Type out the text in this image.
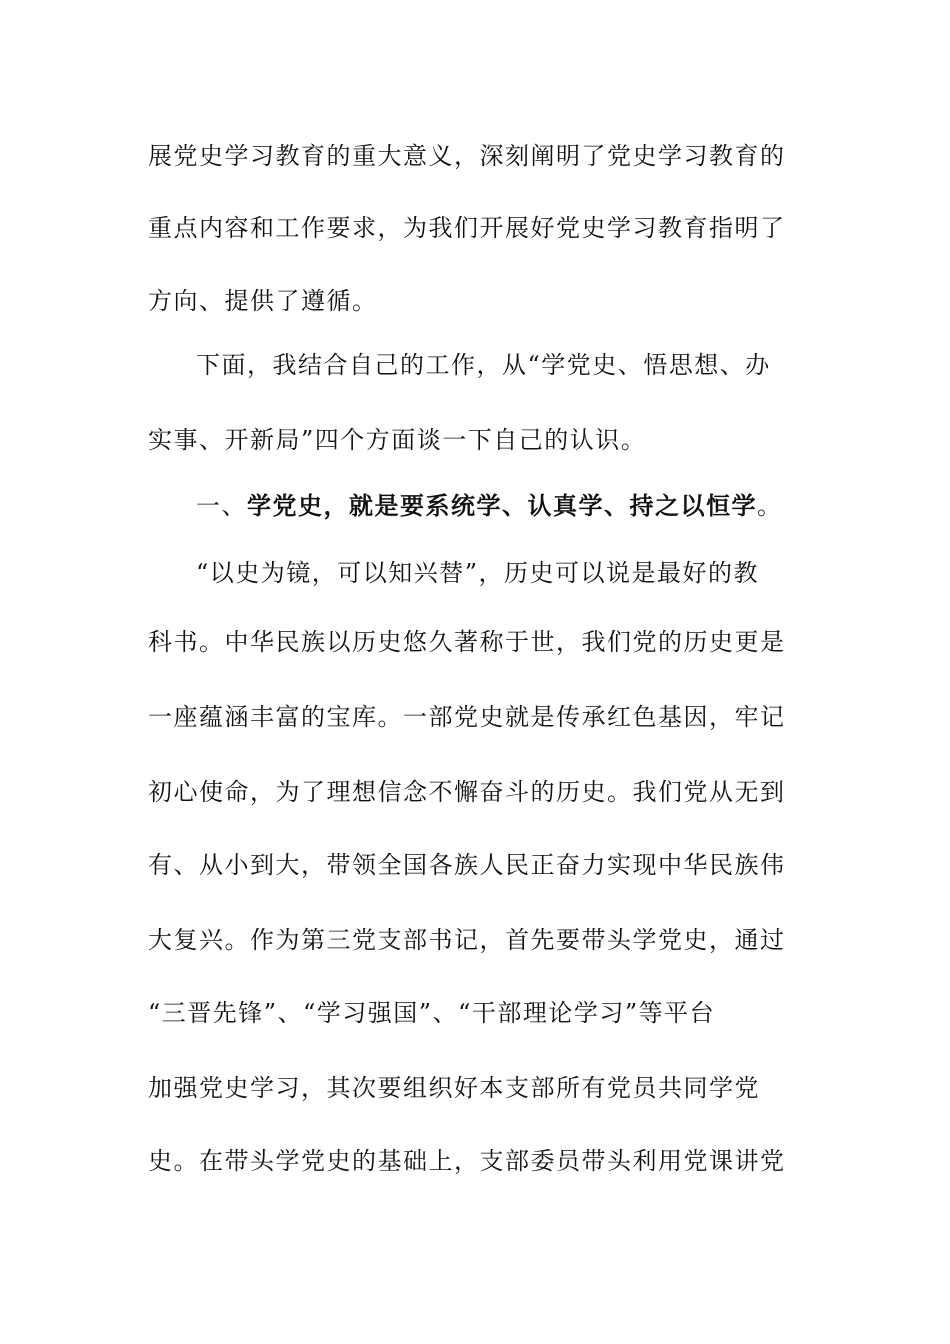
展党史学习教育的重大意义，深刻阐明了党史学习教育的
重点内容和工作要求，为我们开展好党史学习教育指明了
方向、提供了遵循。
下面，我结合自己的工作，从“学党史、悟思想、办
实事、开新局”四个方面谈一下自己的认识。
一、学党史，就是要系统学、认真学、持之以恒学。
“以史为镜，可以知兴替”，历史可以说是最好的教
科书。中华民族以历史悠久著称于世，我们党的历史更是
一座蕴涵丰富的宝库。一部党史就是传承红色基因，牢记
初心使命，为了理想信念不懈奋斗的历史。我们党从无到
有、从小到大，带领全国各族人民正奋力实现中华民族伟
大复兴。作为第三党支部书记，首先要带头学党史，通过
“三晋先锋”、“学习强国”、“干部理论学习”等平台
加强党史学习，其次要组织好本支部所有党员共同学党
史。在带头学党史的基础上，支部委员带头利用党课讲党
